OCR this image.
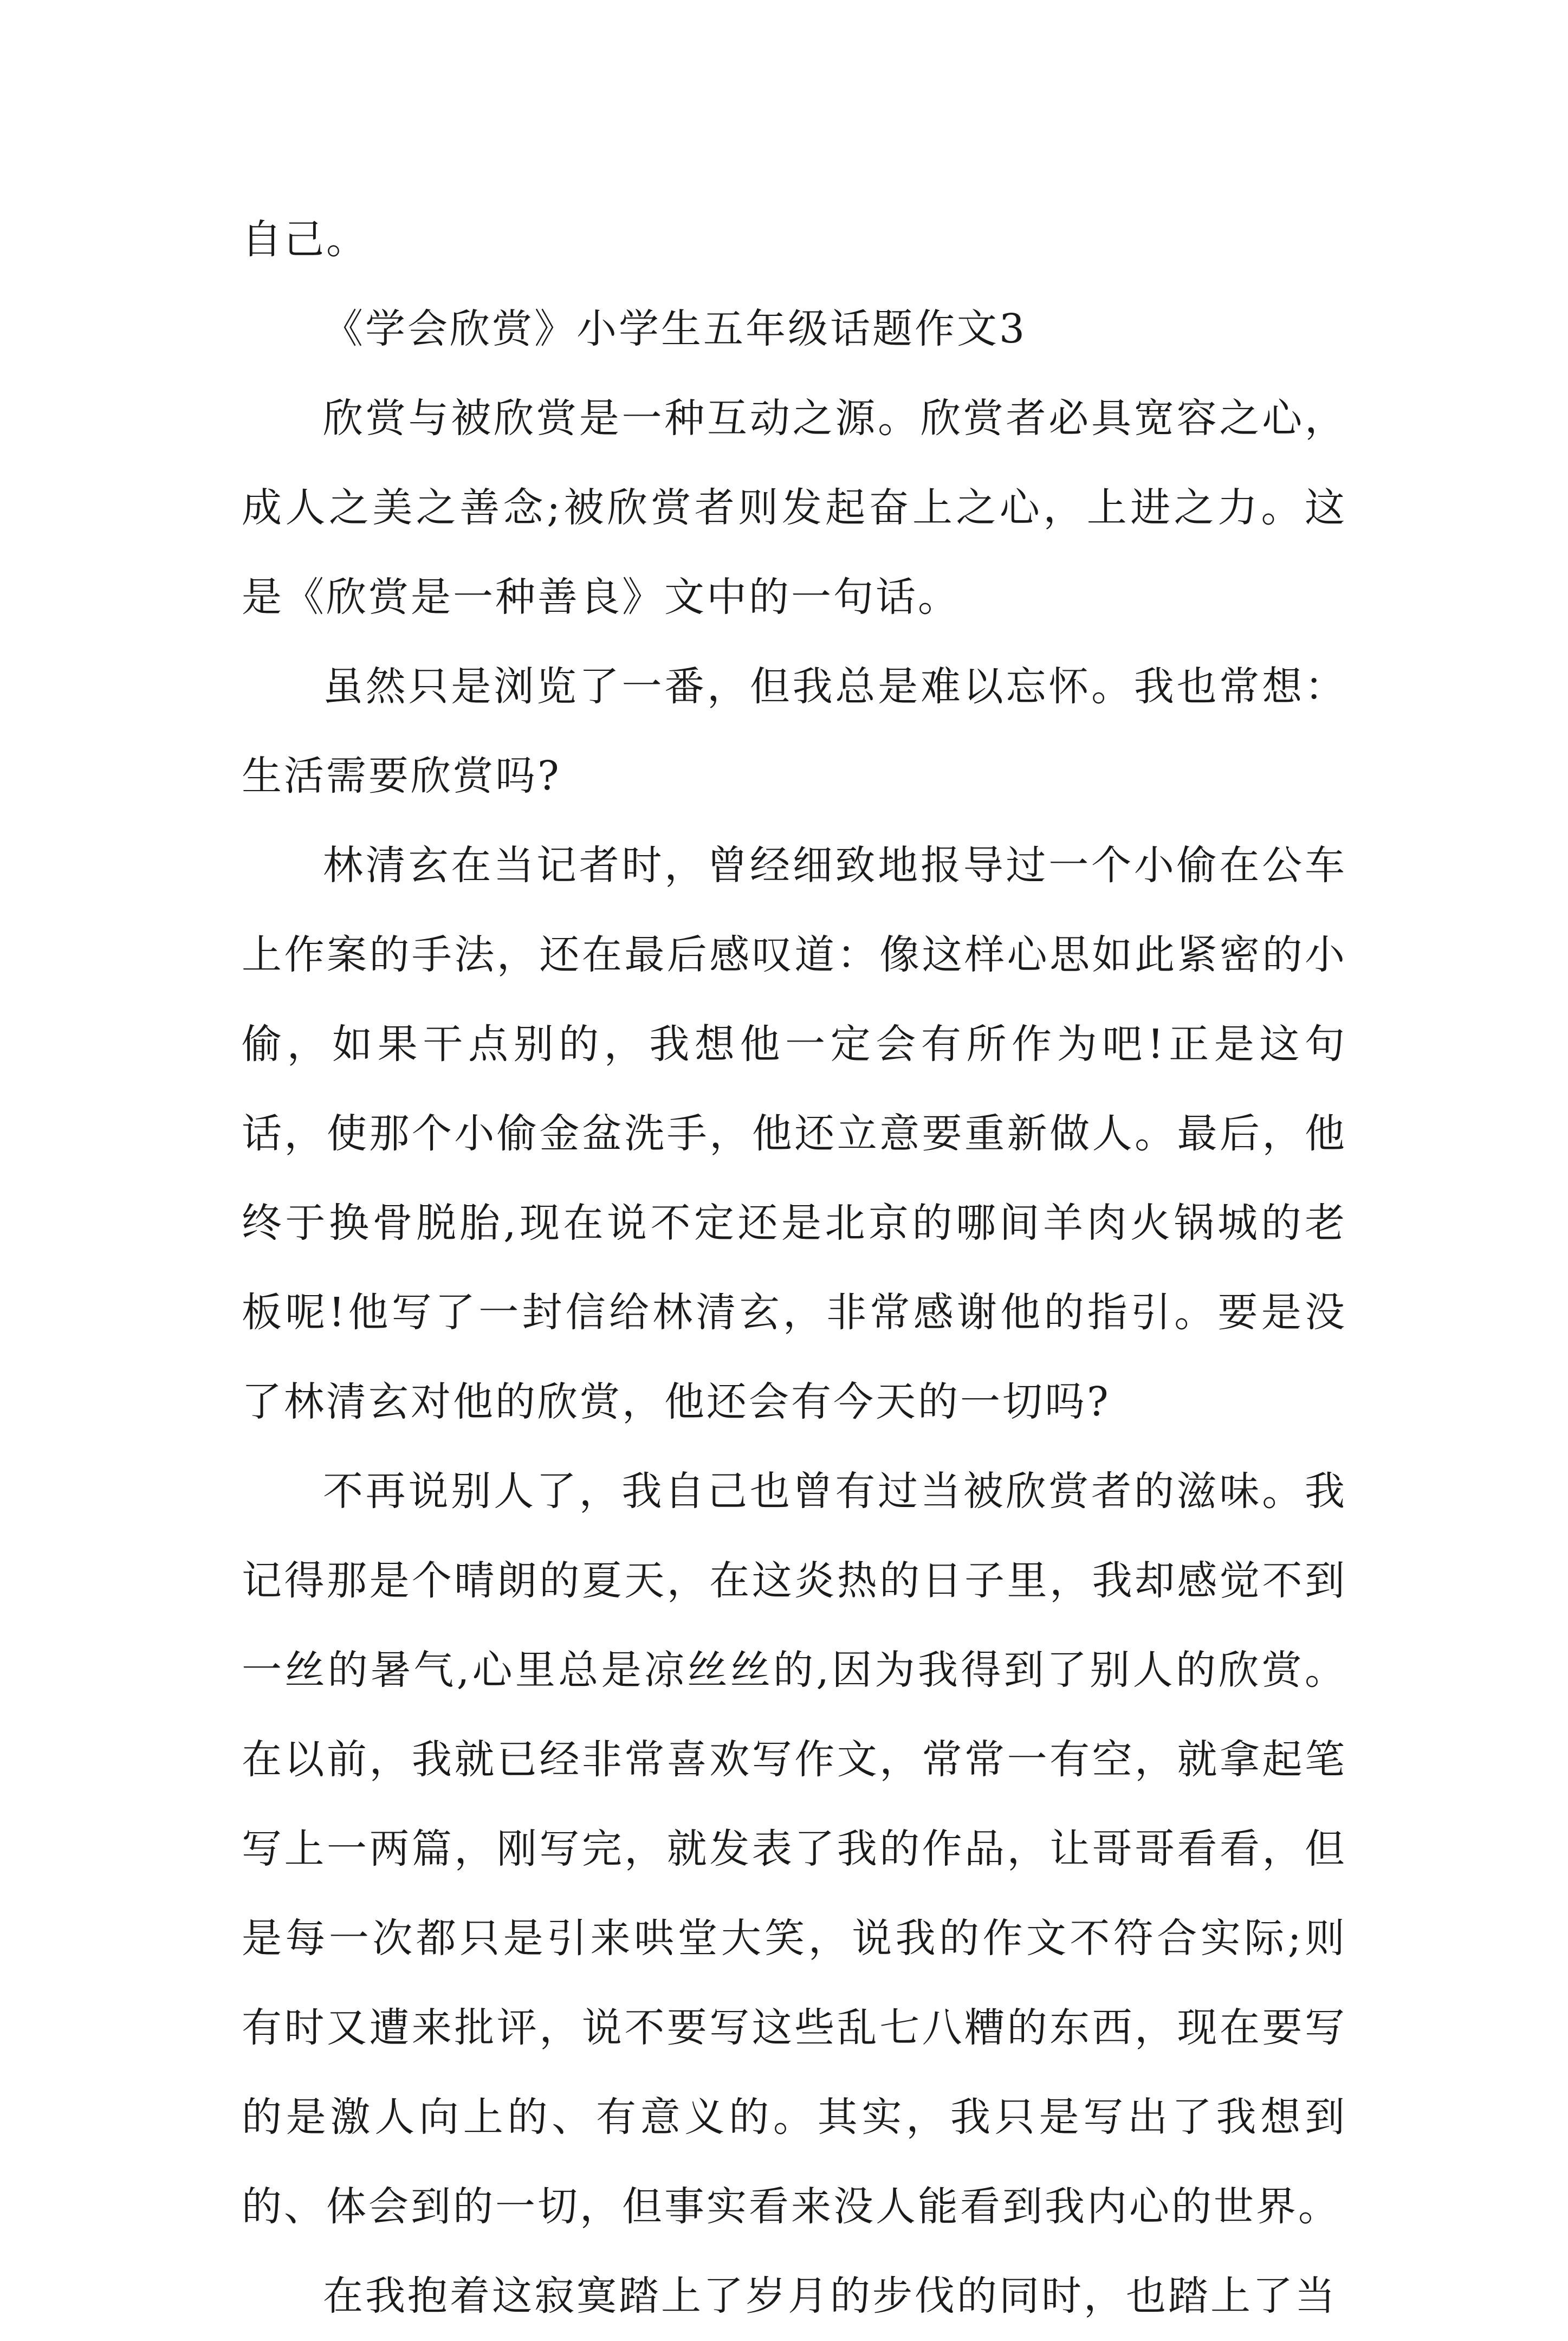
自己。

《学会欣赏》小学生五年级话题作文3

欣赏与被欣赏是一种互动之源。欣赏者必具宽容之心，成人之美之善念;被欣赏者则发起奋上之心，上进之力。这是《欣赏是一种善良》文中的一句话。

虽然只是浏览了一番，但我总是难以忘怀。我也常想：生活需要欣赏吗?

林清玄在当记者时，曾经细致地报导过一个小偷在公车上作案的手法，还在最后感叹道：像这样心思如此紧密的小偷，如果干点别的，我想他一定会有所作为吧!正是这句话，使那个小偷金盆洗手，他还立意要重新做人。最后，他终于换骨脱胎,现在说不定还是北京的哪间羊肉火锅城的老板呢!他写了一封信给林清玄，非常感谢他的指引。要是没了林清玄对他的欣赏，他还会有今天的一切吗?

不再说别人了，我自己也曾有过当被欣赏者的滋味。我记得那是个晴朗的夏天，在这炎热的日子里，我却感觉不到一丝的暑气,心里总是凉丝丝的,因为我得到了别人的欣赏。在以前，我就已经非常喜欢写作文，常常一有空，就拿起笔写上一两篇，刚写完，就发表了我的作品，让哥哥看看，但是每一次都只是引来哄堂大笑，说我的作文不符合实际;则有时又遭来批评，说不要写这些乱七八糟的东西，现在要写的是激人向上的、有意义的。其实，我只是写出了我想到的、体会到的一切，但事实看来没人能看到我内心的世界。

在我抱着这寂寞踏上了岁月的步伐的同时，也踏上了当
